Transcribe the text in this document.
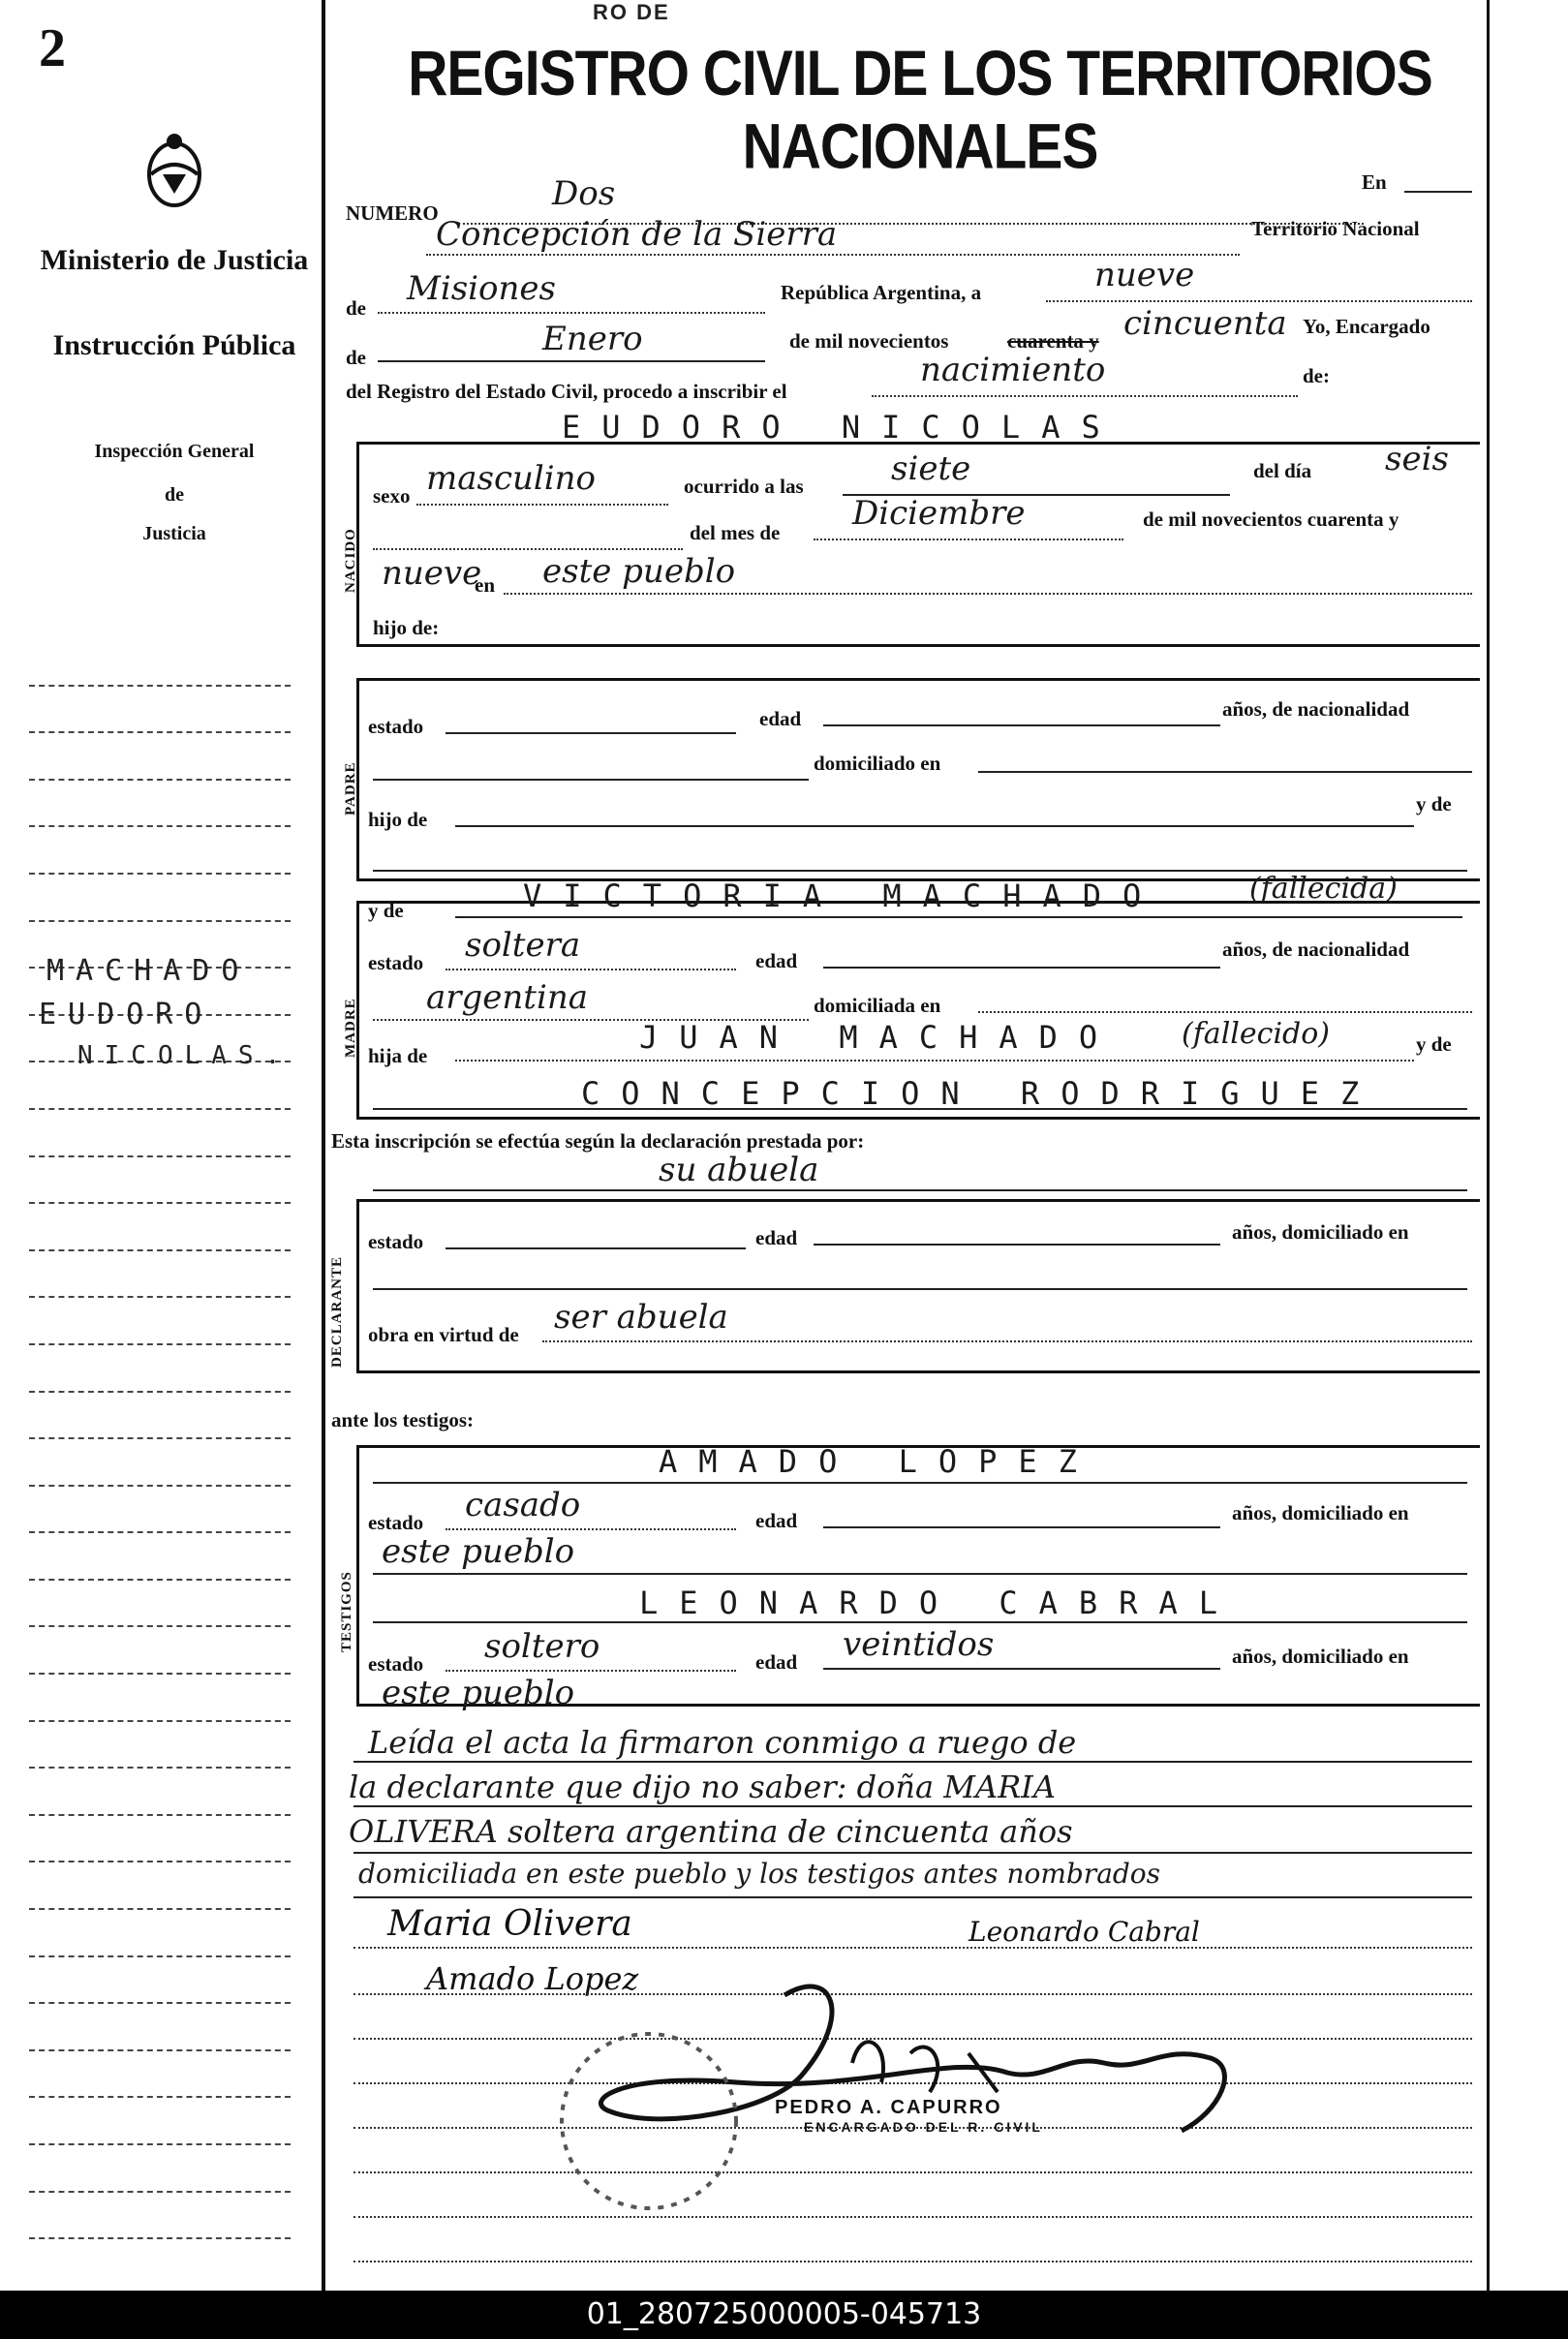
2
Ministerio de Justicia
Instrucción Pública
Inspección General
de
Justicia
MACHADO
EUDORO
NICOLAS.
RO DE
REGISTRO CIVIL DE LOS TERRITORIOS NACIONALES
NUMERO	Dos	En
Concepción de la Sierra	Territorio Nacional
de Misiones	República Argentina, a	nueve
de	Enero	de mil novecientos	cuarenta y cincuenta Yo, Encargado
del Registro del Estado Civil, procedo a inscribir el
nacimiento	de:
EUDORO NICOLAS
NACIDO
sexo masculino	ocurrido a las	siete	del día seis
del mes de Diciembre	de mil novecientos cuarenta y
nueve
en este pueblo
hijo de:
PADRE
estado	edad	años, de nacionalidad
domiciliado en
hijo de
y de
MADRE
y de	VICTORIA MACHADO	(fallecida)
estado soltera	edad	años, de nacionalidad
argentina	domiciliada en
hija de	JUAN MACHADO (fallecido)	y de
CONCEPCION RODRIGUEZ
Esta inscripción se efectúa según la declaración prestada por:
su abuela
DECLARANTE
estado	edad	años, domiciliado en
obra en virtud de ser abuela
ante los testigos:
TESTIGOS
AMADO LOPEZ
estado casado	edad	años, domiciliado en
este pueblo
LEONARDO CABRAL
estado soltero	edad veintidos	años, domiciliado en
este pueblo
Leída el acta la firmaron conmigo a ruego de
la declarante que dijo no saber: doña MARIA
OLIVERA soltera argentina de cincuenta años
domiciliada en este pueblo y los testigos antes nombrados
Maria Olivera	Leonardo Cabral
Amado Lopez
PEDRO A. CAPURRO
ENCARGADO DEL R. CIVIL
01_280725000005-045713
